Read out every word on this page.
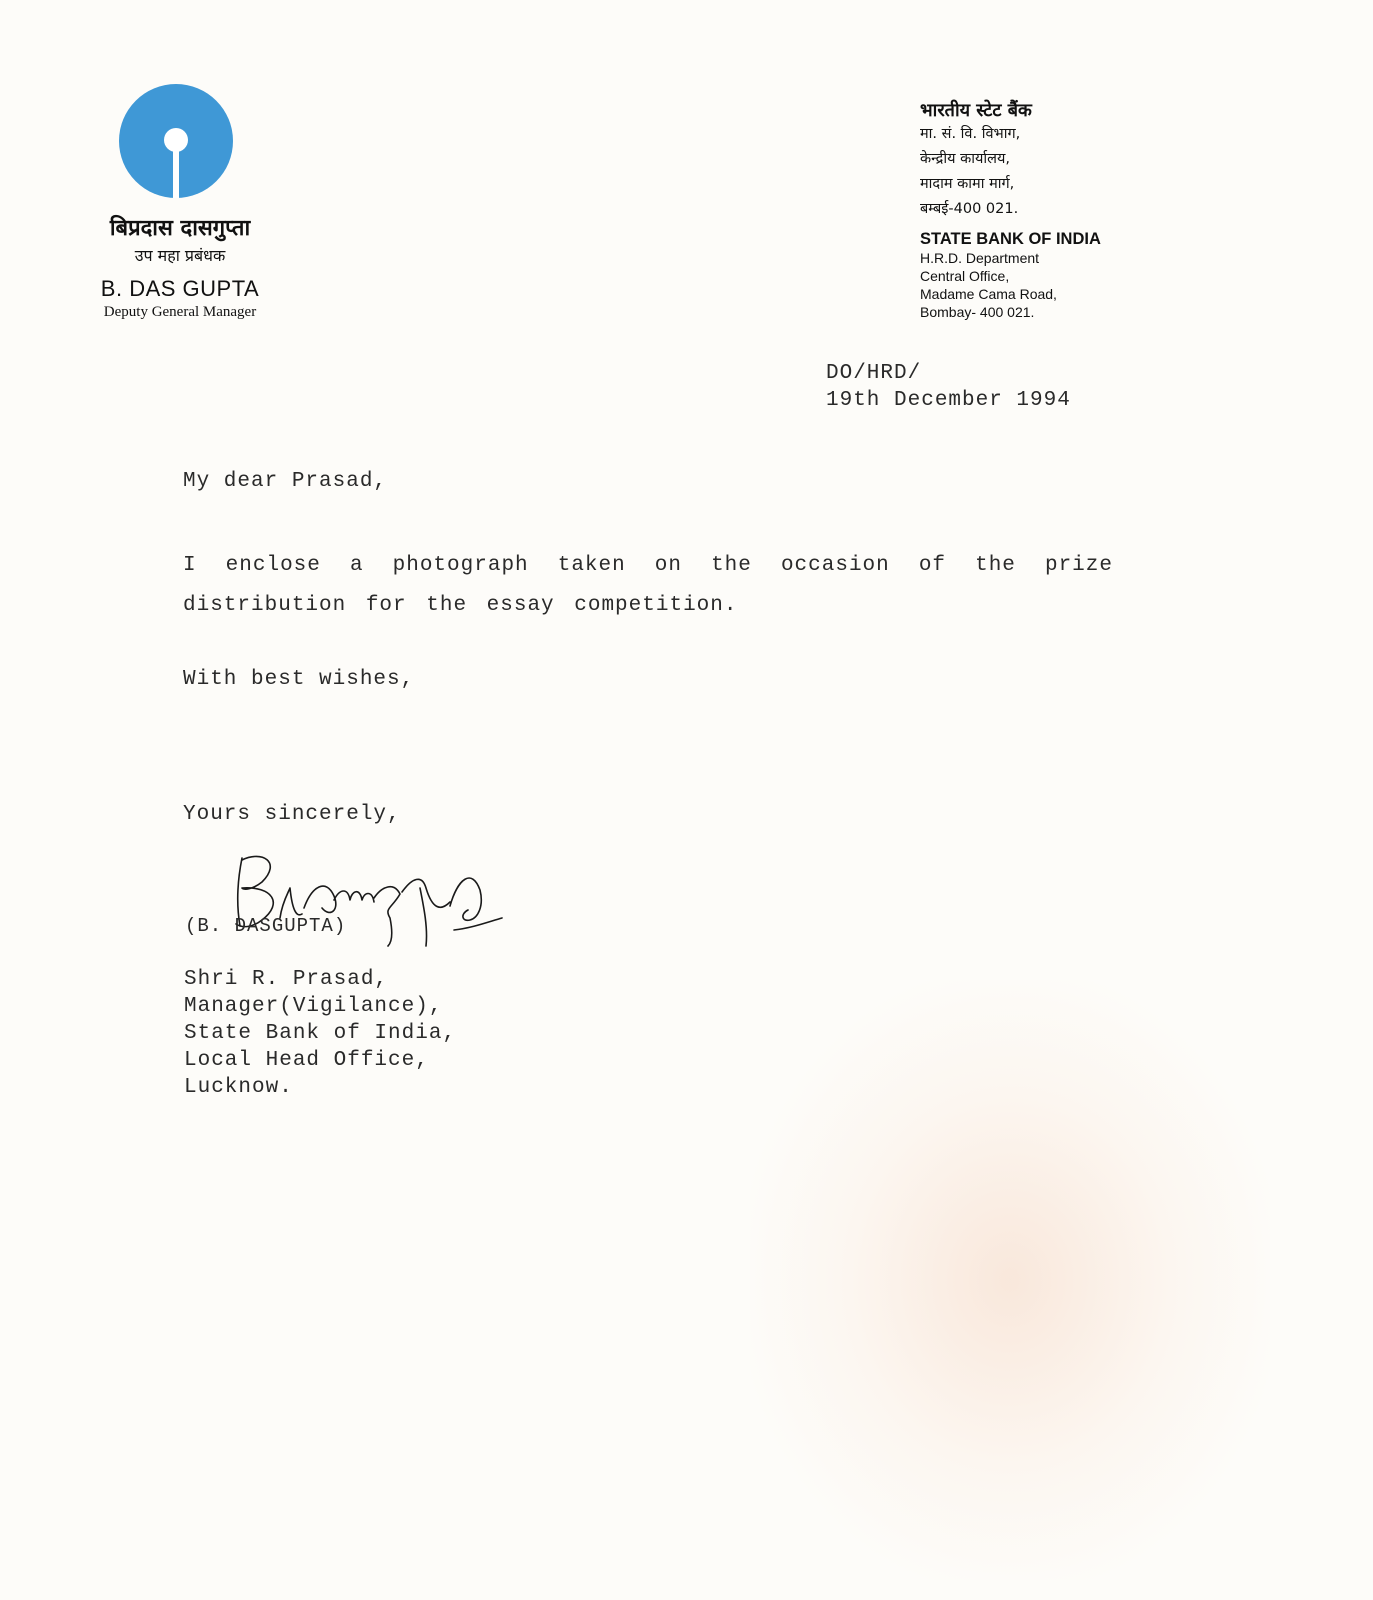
बिप्रदास दासगुप्ता
उप महा प्रबंधक
B. DAS GUPTA
Deputy General Manager
भारतीय स्टेट बैंक
मा. सं. वि. विभाग,
केन्द्रीय कार्यालय,
मादाम कामा मार्ग,
बम्बई-400 021.
STATE BANK OF INDIA
H.R.D. Department
Central Office,
Madame Cama Road,
Bombay- 400 021.
DO/HRD/
19th December 1994
My dear Prasad,
I enclose a photograph taken on the occasion of the prize distribution for the essay competition.
With best wishes,
Yours sincerely,
(B. DASGUPTA)
Shri R. Prasad,
Manager(Vigilance),
State Bank of India,
Local Head Office,
Lucknow.
